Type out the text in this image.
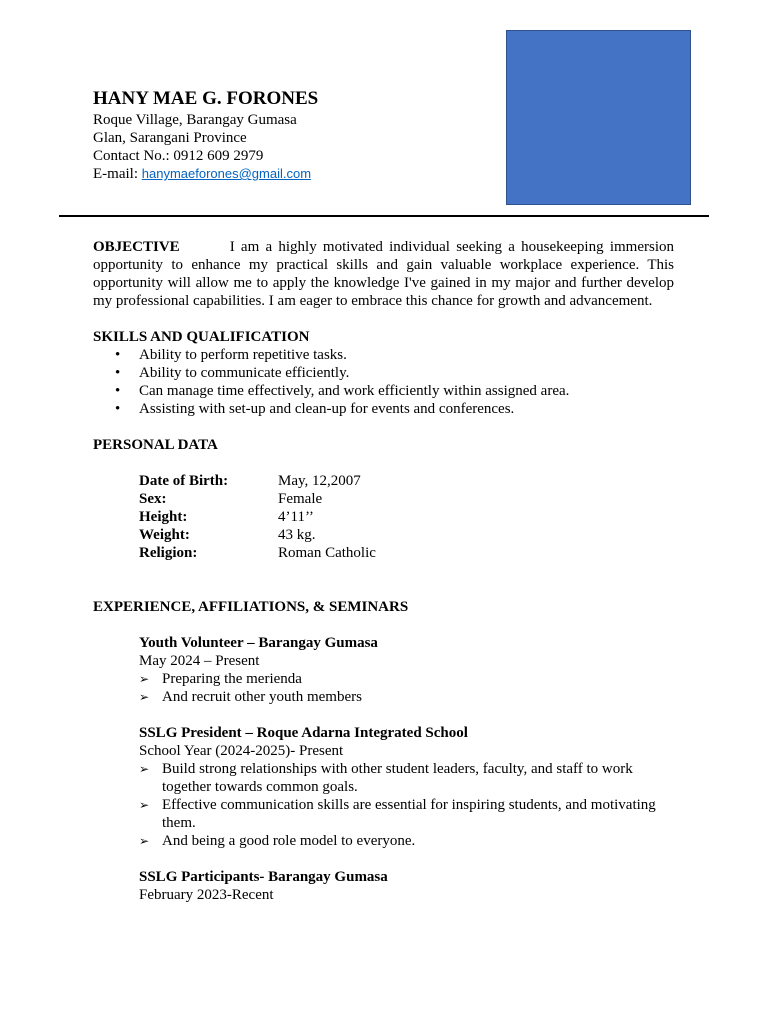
HANY MAE G. FORONES
Roque Village, Barangay Gumasa
Glan, Sarangani Province
Contact No.: 0912 609 2979
E-mail: hanymaeforones@gmail.com

OBJECTIVE	I am a highly motivated individual seeking a housekeeping immersion opportunity to enhance my practical skills and gain valuable workplace experience. This opportunity will allow me to apply the knowledge I've gained in my major and further develop my professional capabilities. I am eager to embrace this chance for growth and advancement.

SKILLS AND QUALIFICATION

• Ability to perform repetitive tasks.
• Ability to communicate efficiently.
• Can manage time effectively, and work efficiently within assigned area.
• Assisting with set-up and clean-up for events and conferences.

PERSONAL DATA

Date of Birth:	May, 12,2007
Sex:	Female
Height:	4’11’’
Weight:	43 kg.
Religion:	Roman Catholic

EXPERIENCE, AFFILIATIONS, & SEMINARS

Youth Volunteer – Barangay Gumasa
May 2024 – Present
➢ Preparing the merienda
➢ And recruit other youth members
SSLG President – Roque Adarna Integrated School
School Year (2024-2025)- Present
➢ Build strong relationships with other student leaders, faculty, and staff to work together towards common goals.
➢ Effective communication skills are essential for inspiring students, and motivating them.
➢ And being a good role model to everyone.
SSLG Participants- Barangay Gumasa
February 2023-Recent
